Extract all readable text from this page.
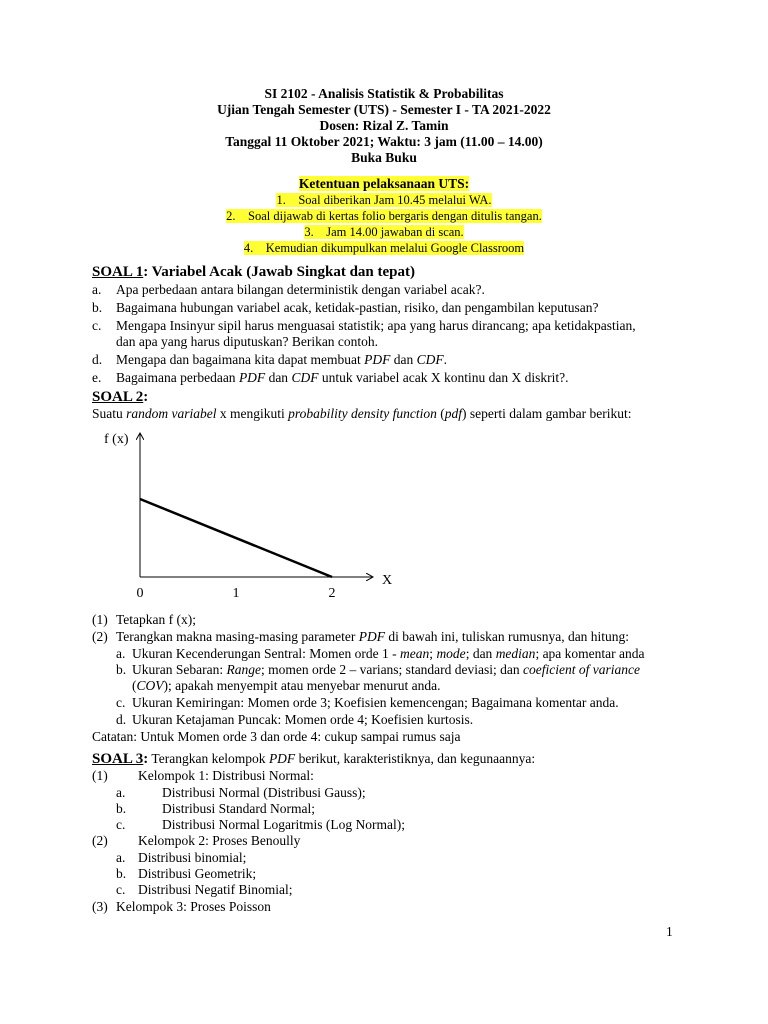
SI 2102 - Analisis Statistik & Probabilitas
Ujian Tengah Semester (UTS) - Semester I - TA 2021-2022
Dosen: Rizal Z. Tamin
Tanggal 11 Oktober 2021; Waktu: 3 jam (11.00 – 14.00)
Buka Buku
Ketentuan pelaksanaan UTS:
1. Soal diberikan Jam 10.45 melalui WA.
2. Soal dijawab di kertas folio bergaris dengan ditulis tangan.
3. Jam 14.00 jawaban di scan.
4. Kemudian dikumpulkan melalui Google Classroom
SOAL 1: Variabel Acak (Jawab Singkat dan tepat)
a. Apa perbedaan antara bilangan deterministik dengan variabel acak?.
b. Bagaimana hubungan variabel acak, ketidak-pastian, risiko, dan pengambilan keputusan?
c. Mengapa Insinyur sipil harus menguasai statistik; apa yang harus dirancang; apa ketidakpastian,
dan apa yang harus diputuskan? Berikan contoh.
d. Mengapa dan bagaimana kita dapat membuat PDF dan CDF.
e. Bagaimana perbedaan PDF dan CDF untuk variabel acak X kontinu dan X diskrit?.
SOAL 2:
Suatu random variabel x mengikuti probability density function (pdf) seperti dalam gambar berikut:
f (x)
X
0	1	2
(1) Tetapkan f (x);
(2) Terangkan makna masing-masing parameter PDF di bawah ini, tuliskan rumusnya, dan hitung:
a. Ukuran Kecenderungan Sentral: Momen orde 1 - mean; mode; dan median; apa komentar anda
b. Ukuran Sebaran: Range; momen orde 2 – varians; standard deviasi; dan coeficient of variance
(COV); apakah menyempit atau menyebar menurut anda.
c. Ukuran Kemiringan: Momen orde 3; Koefisien kemencengan; Bagaimana komentar anda.
d. Ukuran Ketajaman Puncak: Momen orde 4; Koefisien kurtosis.
Catatan: Untuk Momen orde 3 dan orde 4: cukup sampai rumus saja
SOAL 3: Terangkan kelompok PDF berikut, karakteristiknya, dan kegunaannya:
(1) Kelompok 1: Distribusi Normal:
a.	Distribusi Normal (Distribusi Gauss);
b.	Distribusi Standard Normal;
c.	Distribusi Normal Logaritmis (Log Normal);
(2) Kelompok 2: Proses Benoully
a. Distribusi binomial;
b. Distribusi Geometrik;
c. Distribusi Negatif Binomial;
(3) Kelompok 3: Proses Poisson
1
